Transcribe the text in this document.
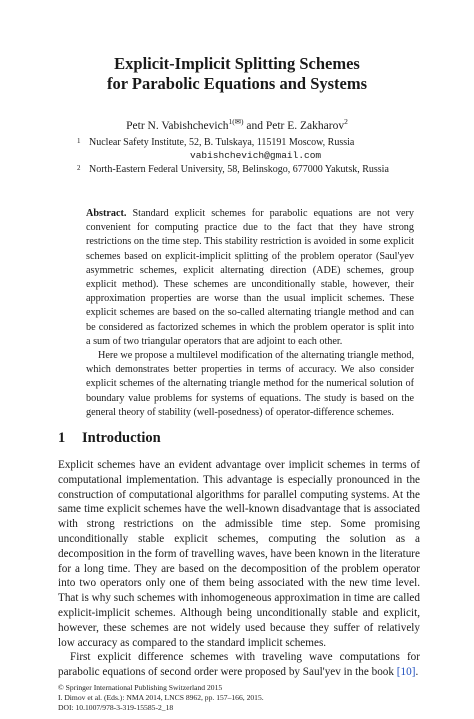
Explicit-Implicit Splitting Schemes
for Parabolic Equations and Systems
Petr N. Vabishchevich$^{1(✉)}$ and Petr E. Zakharov$^2$
1 Nuclear Safety Institute, 52, B. Tulskaya, 115191 Moscow, Russia
vabishchevich@gmail.com
2 North-Eastern Federal University, 58, Belinskogo, 677000 Yakutsk, Russia

Abstract. Standard explicit schemes for parabolic equations are not very convenient for computing practice due to the fact that they have strong restrictions on the time step. This stability restriction is avoided in some explicit schemes based on explicit-implicit splitting of the problem operator (Saul'yev asymmetric schemes, explicit alternating direction (ADE) schemes, group explicit method). These schemes are unconditionally stable, however, their approximation properties are worse than the usual implicit schemes. These explicit schemes are based on the so-called alternating triangle method and can be considered as factorized schemes in which the problem operator is split into a sum of two triangular operators that are adjoint to each other.

Here we propose a multilevel modification of the alternating triangle method, which demonstrates better properties in terms of accuracy. We also consider explicit schemes of the alternating triangle method for the numerical solution of boundary value problems for systems of equations. The study is based on the general theory of stability (well-posedness) of operator-difference schemes.

1 Introduction

Explicit schemes have an evident advantage over implicit schemes in terms of computational implementation. This advantage is especially pronounced in the construction of computational algorithms for parallel computing systems. At the same time explicit schemes have the well-known disadvantage that is associated with strong restrictions on the admissible time step. Some promising unconditionally stable explicit schemes, computing the solution as a decomposition in the form of travelling waves, have been known in the literature for a long time. They are based on the decomposition of the problem operator into two operators only one of them being associated with the new time level. That is why such schemes with inhomogeneous approximation in time are called explicit-implicit schemes. Although being unconditionally stable and explicit, however, these schemes are not widely used because they suffer of relatively low accuracy as compared to the standard implicit schemes.

First explicit difference schemes with traveling wave computations for parabolic equations of second order were proposed by Saul'yev in the book [10].

© Springer International Publishing Switzerland 2015
I. Dimov et al. (Eds.): NMA 2014, LNCS 8962, pp. 157–166, 2015.
DOI: 10.1007/978-3-319-15585-2_18
